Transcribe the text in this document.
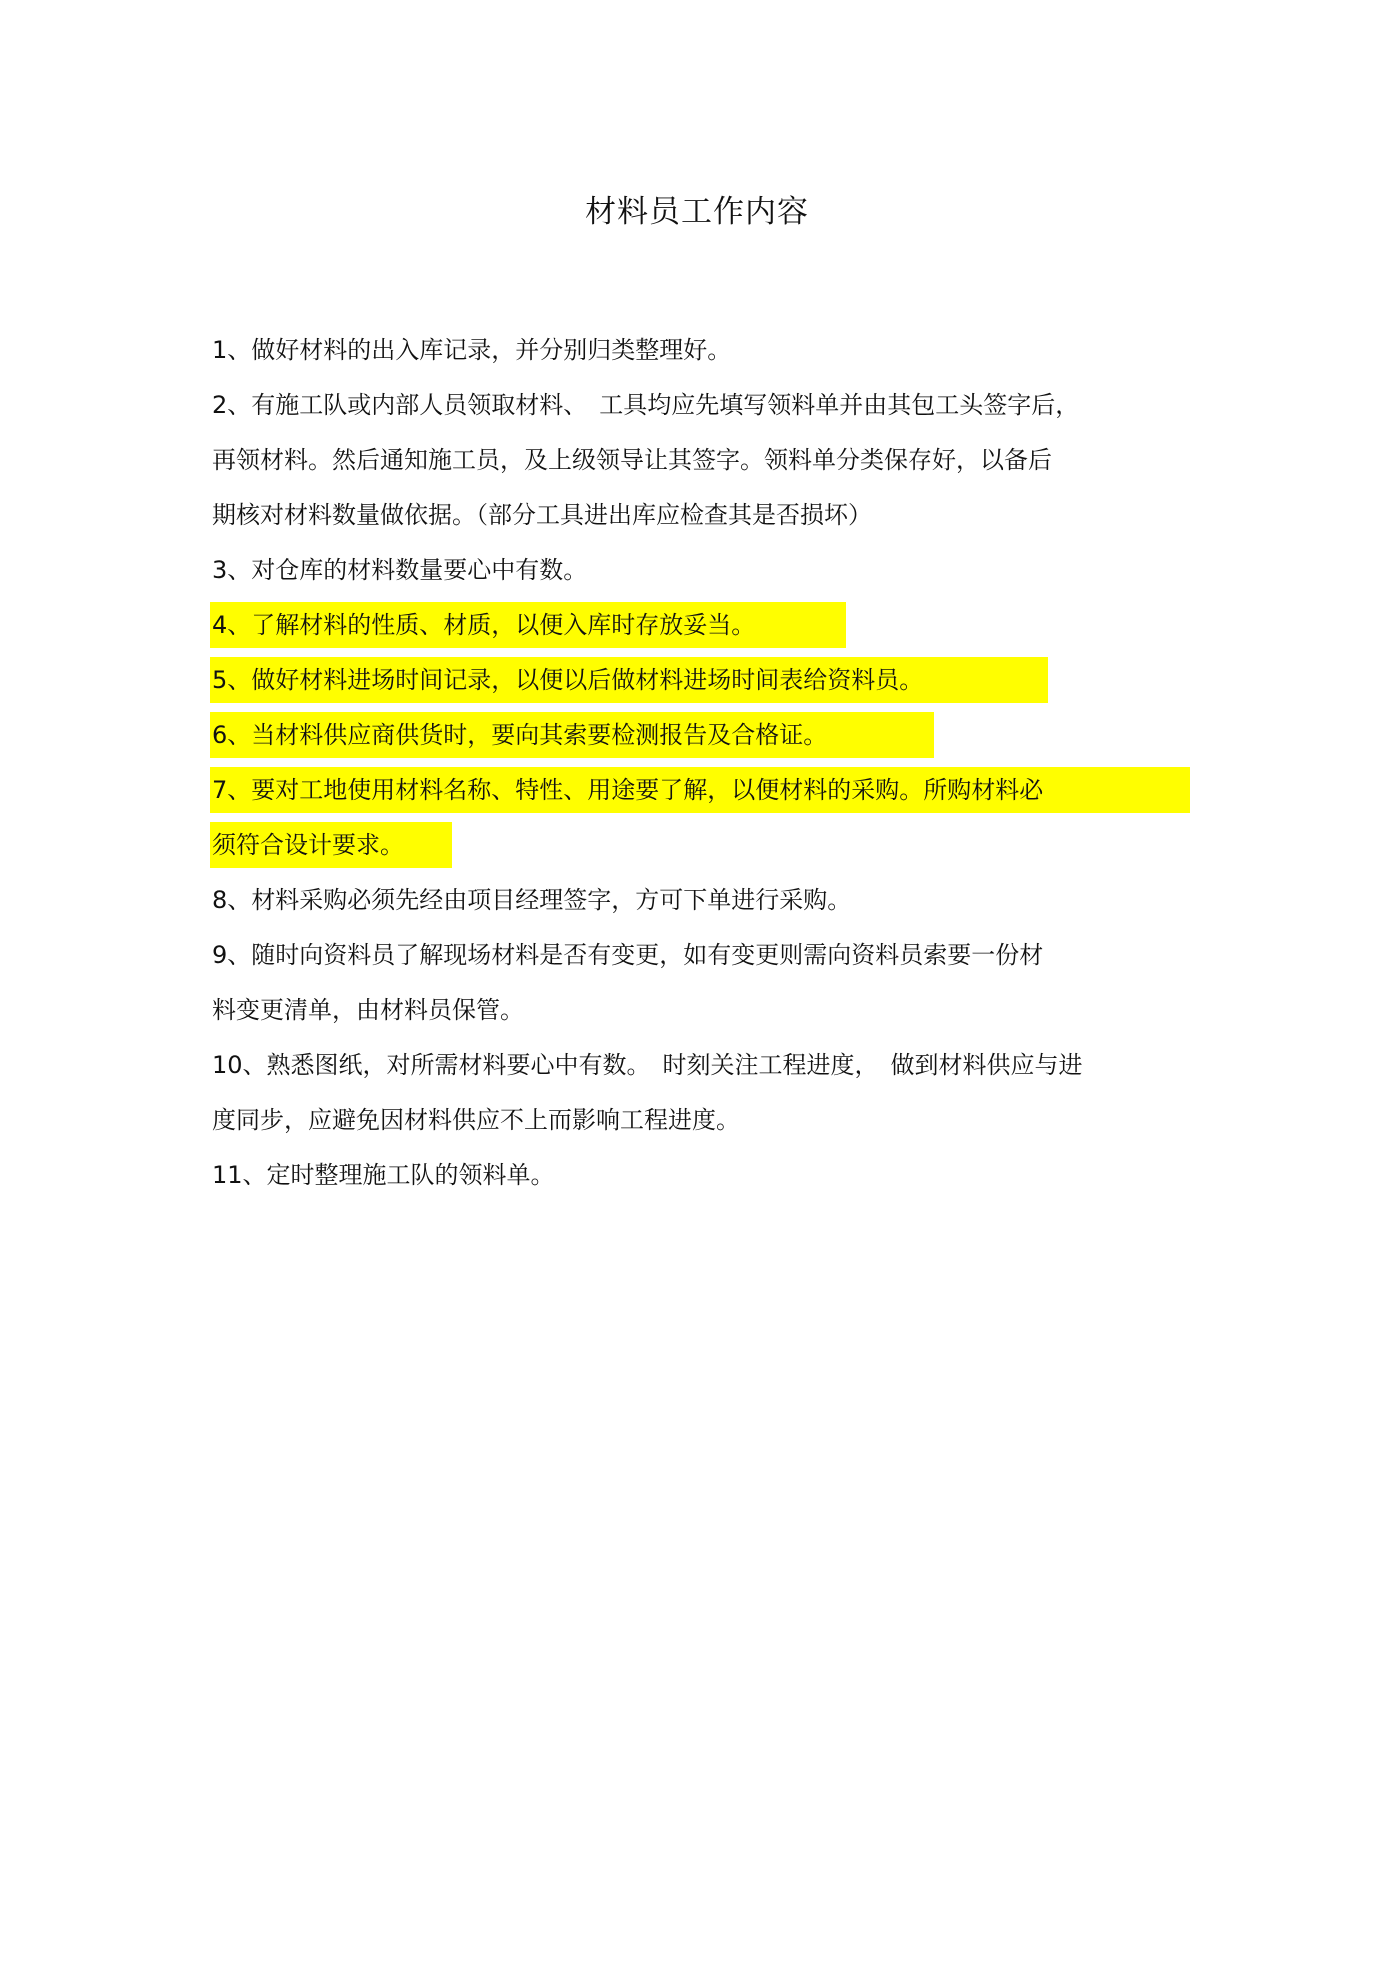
材料员工作内容
1、做好材料的出入库记录，并分别归类整理好。
2、有施工队或内部人员领取材料、　工具均应先填写领料单并由其包工头签字后，
再领材料。然后通知施工员，及上级领导让其签字。领料单分类保存好，以备后
期核对材料数量做依据。（部分工具进出库应检查其是否损坏）
3、对仓库的材料数量要心中有数。
4、了解材料的性质、材质，以便入库时存放妥当。
5、做好材料进场时间记录，以便以后做材料进场时间表给资料员。
6、当材料供应商供货时，要向其索要检测报告及合格证。
7、要对工地使用材料名称、特性、用途要了解，以便材料的采购。所购材料必
须符合设计要求。
8、材料采购必须先经由项目经理签字，方可下单进行采购。
9、随时向资料员了解现场材料是否有变更，如有变更则需向资料员索要一份材
料变更清单，由材料员保管。
10、熟悉图纸，对所需材料要心中有数。　时刻关注工程进度，　做到材料供应与进
度同步，应避免因材料供应不上而影响工程进度。
11、定时整理施工队的领料单。
